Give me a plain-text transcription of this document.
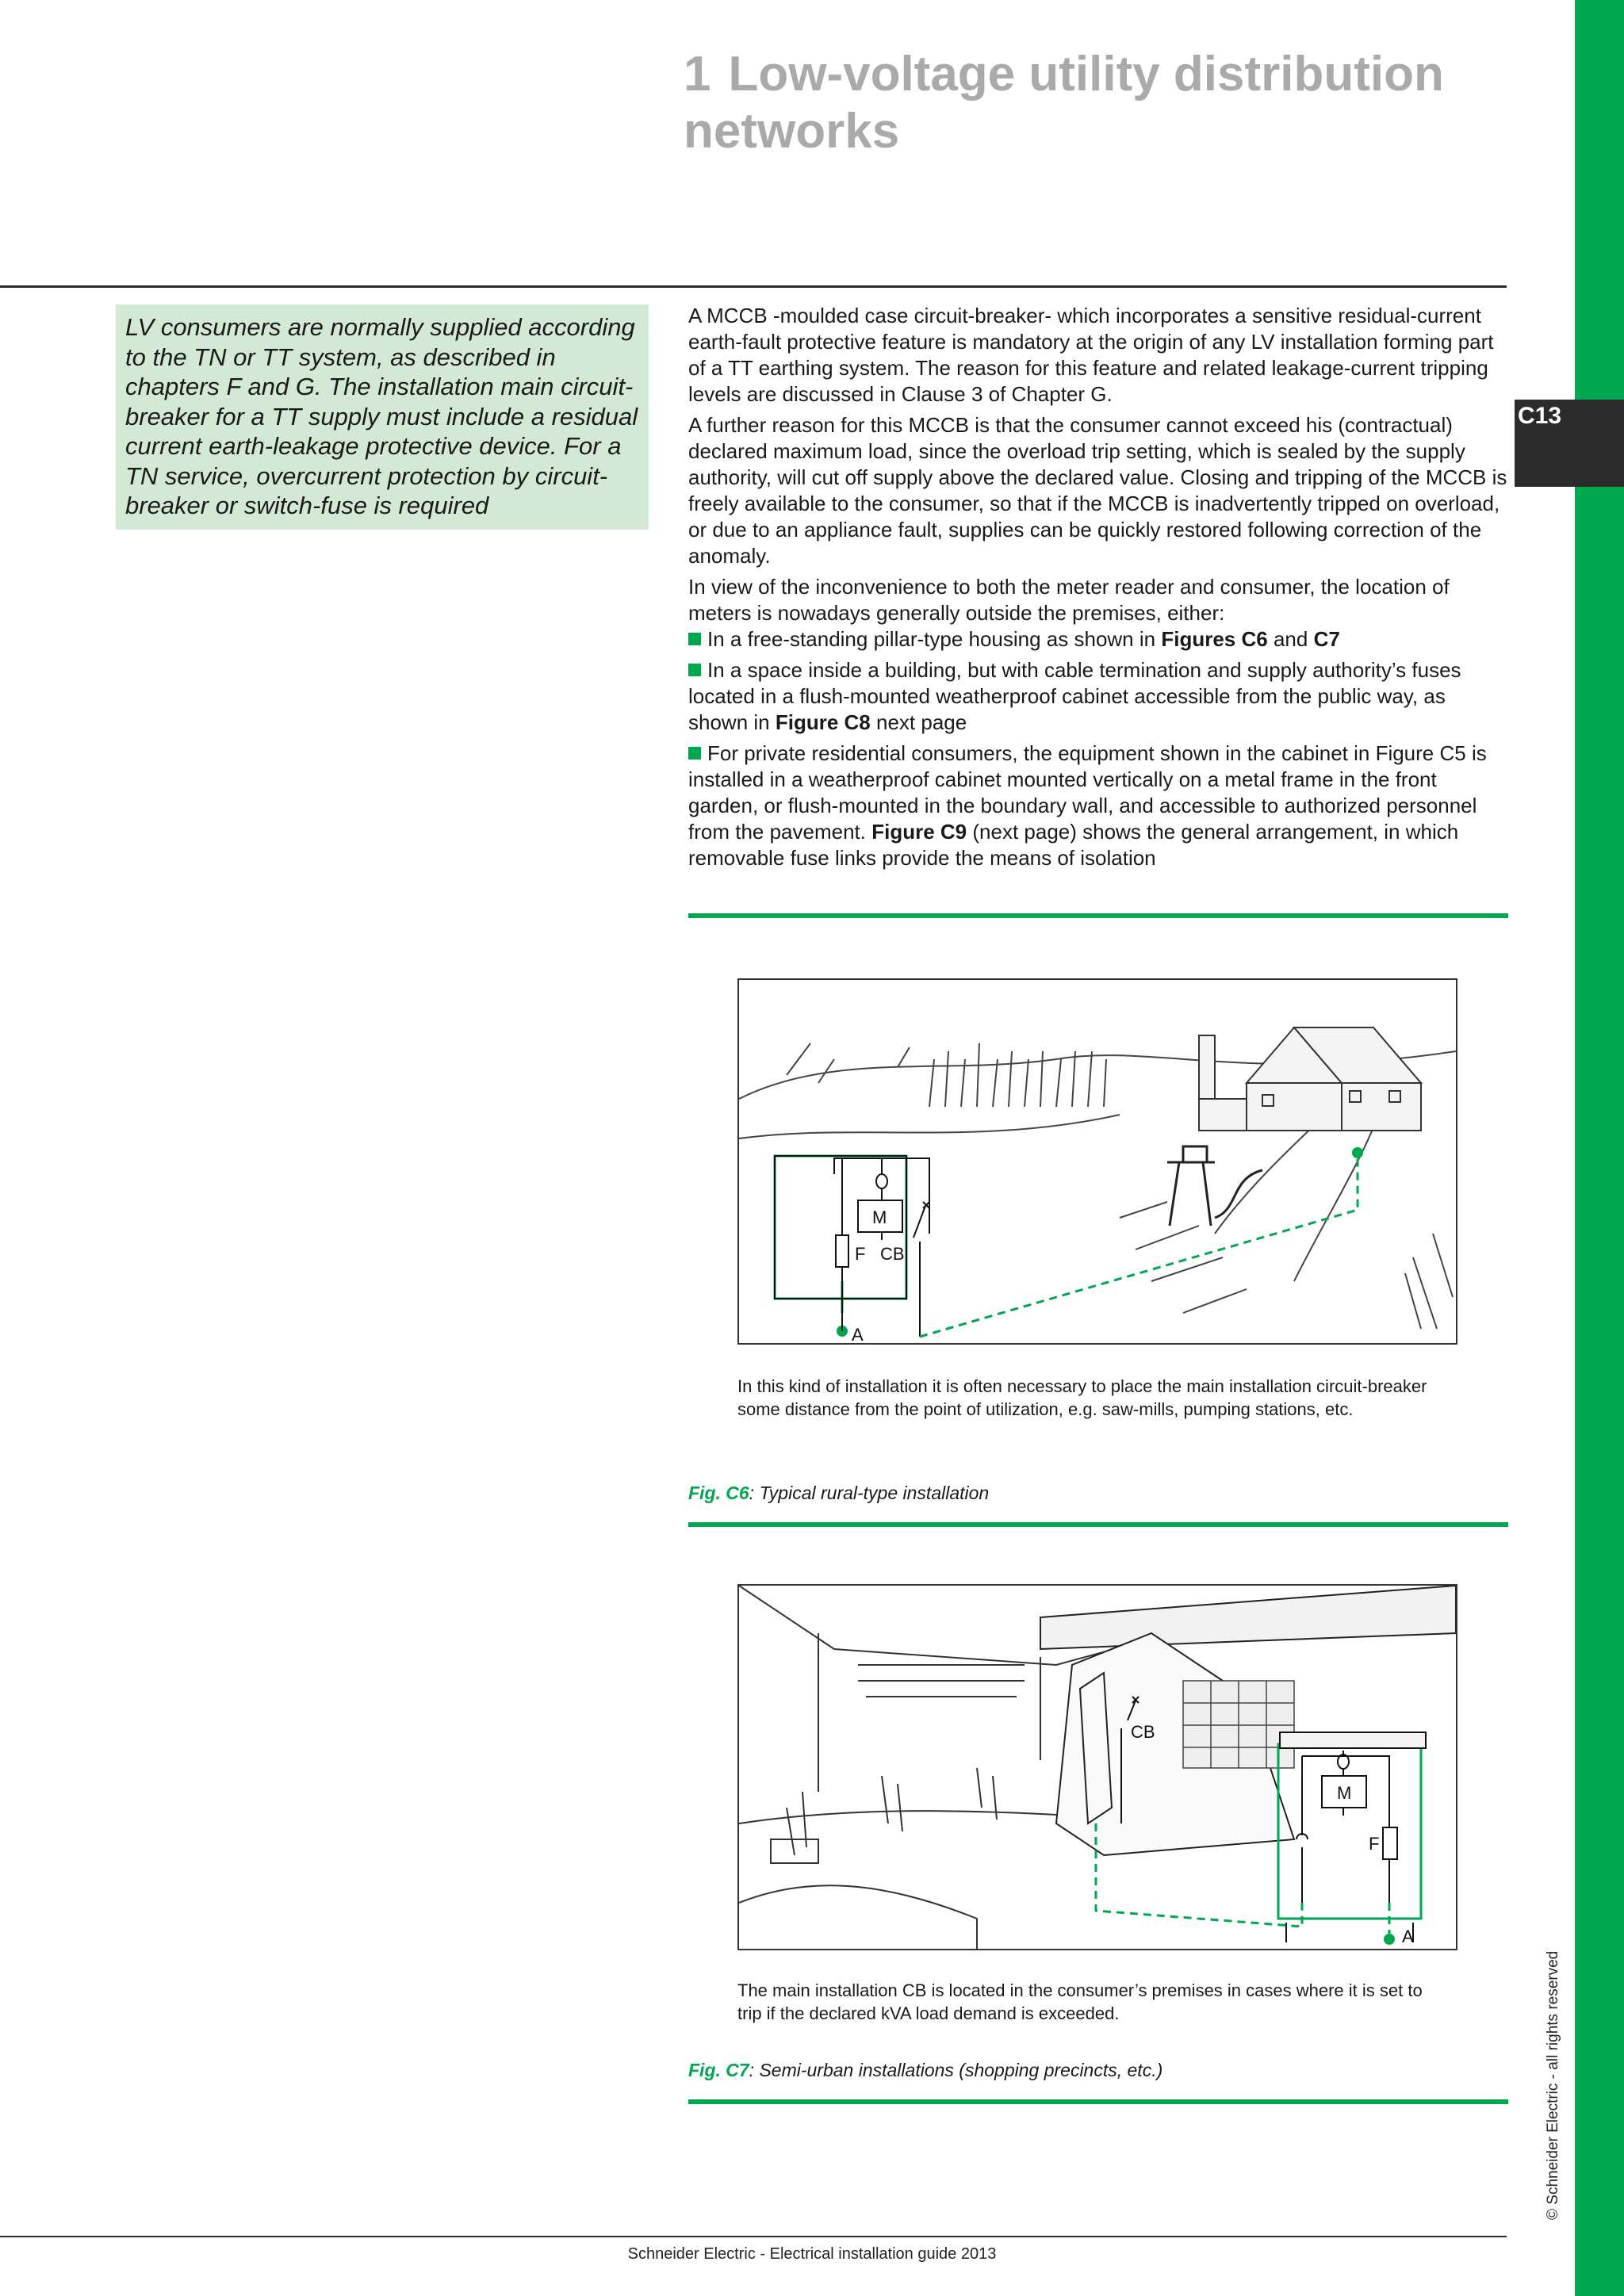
C13
© Schneider Electric - all rights reserved
1 Low-voltage utility distribution networks

LV consumers are normally supplied according to the TN or TT system, as described in chapters F and G. The installation main circuit-breaker for a TT supply must include a residual current earth-leakage protective device. For a TN service, overcurrent protection by circuit-breaker or switch-fuse is required

A MCCB -moulded case circuit-breaker- which incorporates a sensitive residual-current earth-fault protective feature is mandatory at the origin of any LV installation forming part of a TT earthing system. The reason for this feature and related leakage-current tripping levels are discussed in Clause 3 of Chapter G.

A further reason for this MCCB is that the consumer cannot exceed his (contractual) declared maximum load, since the overload trip setting, which is sealed by the supply authority, will cut off supply above the declared value. Closing and tripping of the MCCB is freely available to the consumer, so that if the MCCB is inadvertently tripped on overload, or due to an appliance fault, supplies can be quickly restored following correction of the anomaly.

In view of the inconvenience to both the meter reader and consumer, the location of meters is nowadays generally outside the premises, either:

In a free-standing pillar-type housing as shown in Figures C6 and C7

In a space inside a building, but with cable termination and supply authority’s fuses located in a flush-mounted weatherproof cabinet accessible from the public way, as shown in Figure C8 next page

For private residential consumers, the equipment shown in the cabinet in Figure C5 is installed in a weatherproof cabinet mounted vertically on a metal frame in the front garden, or flush-mounted in the boundary wall, and accessible to authorized personnel from the pavement. Figure C9 (next page) shows the general arrangement, in which removable fuse links provide the means of isolation

M
F CB
A
In this kind of installation it is often necessary to place the main installation circuit-breaker some distance from the point of utilization, e.g. saw-mills, pumping stations, etc.
Fig. C6: Typical rural-type installation
CB
M
F
A
The main installation CB is located in the consumer’s premises in cases where it is set to trip if the declared kVA load demand is exceeded.
Fig. C7: Semi-urban installations (shopping precincts, etc.)
Schneider Electric - Electrical installation guide 2013
